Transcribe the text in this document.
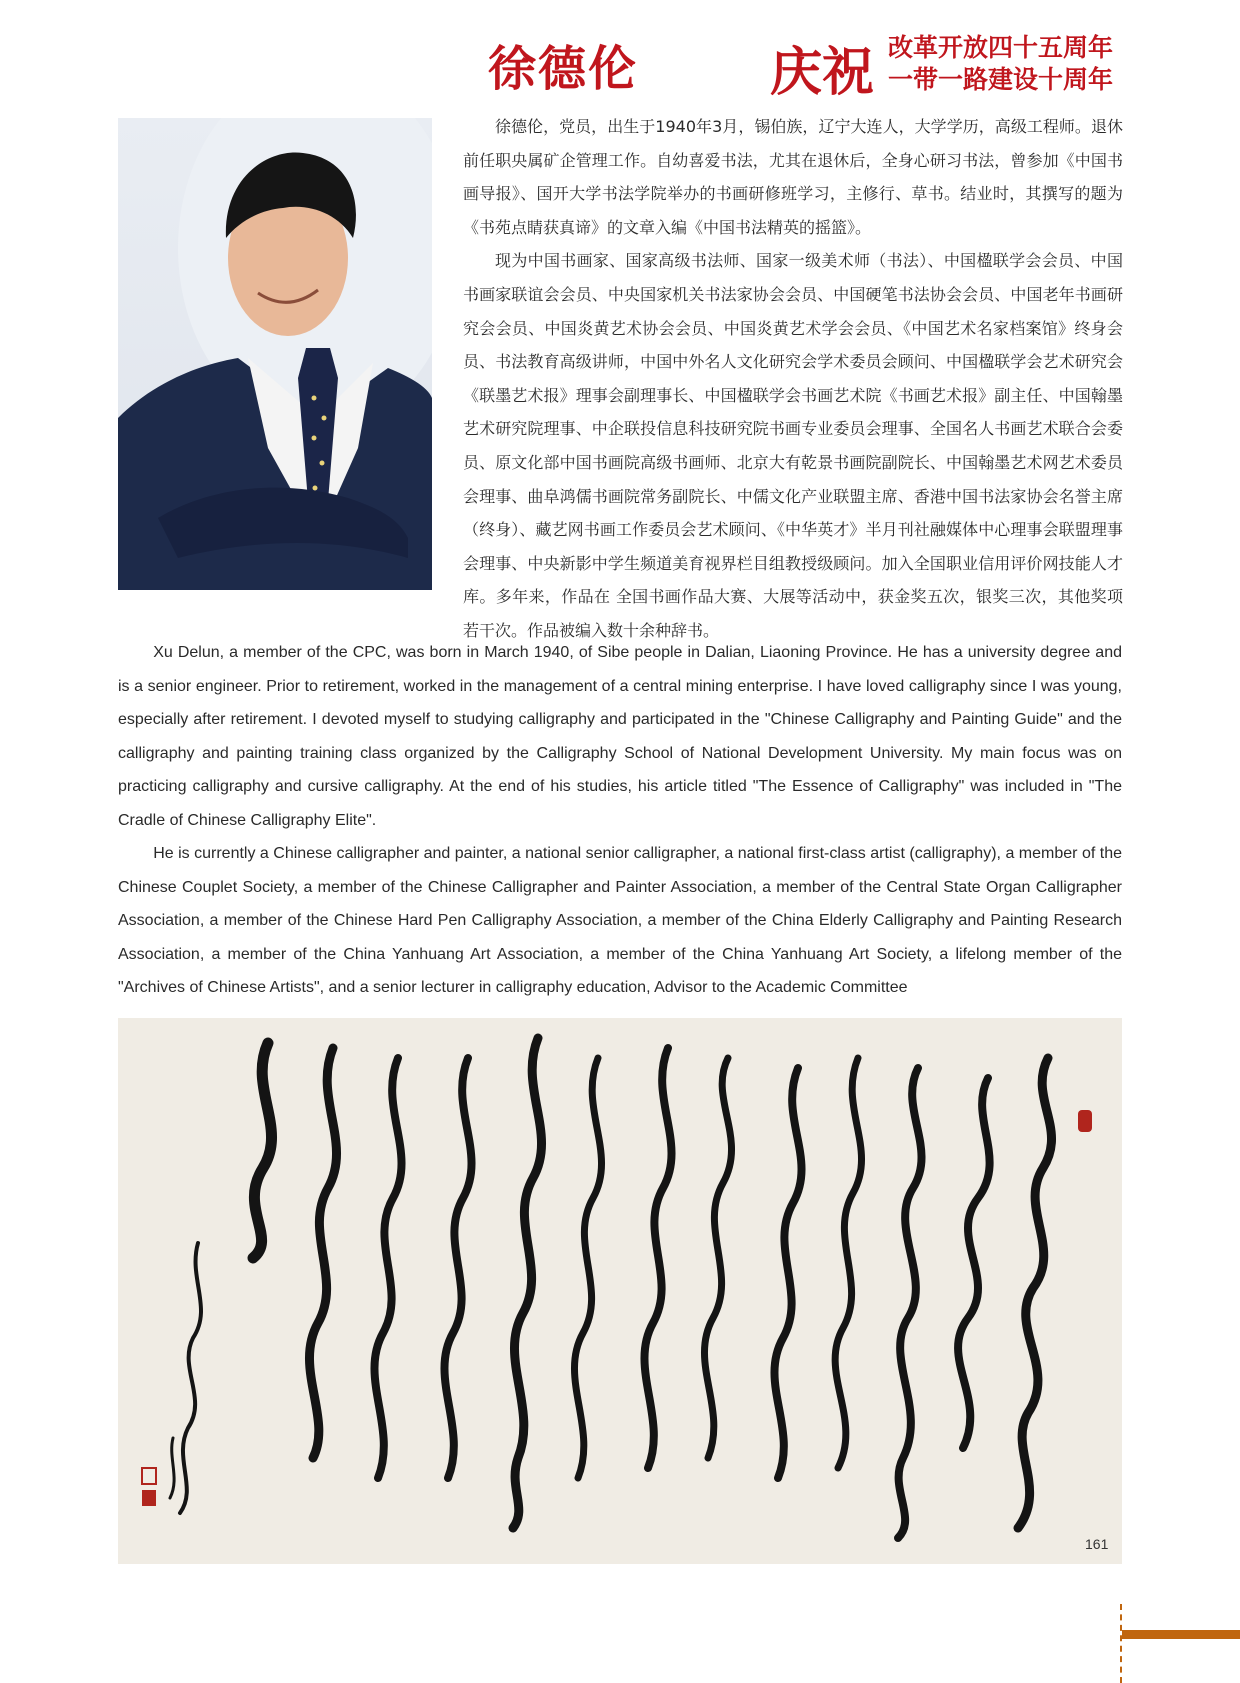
徐德伦	庆祝 改革开放四十五周年
一带一路建设十周年

徐德伦，党员，出生于1940年3月，锡伯族，辽宁大连人，大学学历，高级工程师。退休前任职央属矿企管理工作。自幼喜爱书法，尤其在退休后，全身心研习书法，曾参加《中国书画导报》、国开大学书法学院举办的书画研修班学习，主修行、草书。结业时，其撰写的题为《书苑点睛获真谛》的文章入编《中国书法精英的摇篮》。

现为中国书画家、国家高级书法师、国家一级美术师（书法）、中国楹联学会会员、中国书画家联谊会会员、中央国家机关书法家协会会员、中国硬笔书法协会会员、中国老年书画研究会会员、中国炎黄艺术协会会员、中国炎黄艺术学会会员、《中国艺术名家档案馆》终身会员、书法教育高级讲师，中国中外名人文化研究会学术委员会顾问、中国楹联学会艺术研究会《联墨艺术报》理事会副理事长、中国楹联学会书画艺术院《书画艺术报》副主任、中国翰墨艺术研究院理事、中企联投信息科技研究院书画专业委员会理事、全国名人书画艺术联合会委员、原文化部中国书画院高级书画师、北京大有乾景书画院副院长、中国翰墨艺术网艺术委员会理事、曲阜鸿儒书画院常务副院长、中儒文化产业联盟主席、香港中国书法家协会名誉主席（终身）、藏艺网书画工作委员会艺术顾问、《中华英才》半月刊社融媒体中心理事会联盟理事会理事、中央新影中学生频道美育视界栏目组教授级顾问。加入全国职业信用评价网技能人才库。多年来，作品在 全国书画作品大赛、大展等活动中，获金奖五次，银奖三次，其他奖项若干次。作品被编入数十余种辞书。

Xu Delun, a member of the CPC, was born in March 1940, of Sibe people in Dalian, Liaoning Province. He has a university degree and is a senior engineer. Prior to retirement, worked in the management of a central mining enterprise. I have loved calligraphy since I was young, especially after retirement. I devoted myself to studying calligraphy and participated in the "Chinese Calligraphy and Painting Guide" and the calligraphy and painting training class organized by the Calligraphy School of National Development University. My main focus was on practicing calligraphy and cursive calligraphy. At the end of his studies, his article titled "The Essence of Calligraphy" was included in "The Cradle of Chinese Calligraphy Elite".

He is currently a Chinese calligrapher and painter, a national senior calligrapher, a national first-class artist (calligraphy), a member of the Chinese Couplet Society, a member of the Chinese Calligrapher and Painter Association, a member of the Central State Organ Calligrapher Association, a member of the Chinese Hard Pen Calligraphy Association, a member of the China Elderly Calligraphy and Painting Research Association, a member of the China Yanhuang Art Association, a member of the China Yanhuang Art Society, a lifelong member of the "Archives of Chinese Artists", and a senior lecturer in calligraphy education, Advisor to the Academic Committee

161
